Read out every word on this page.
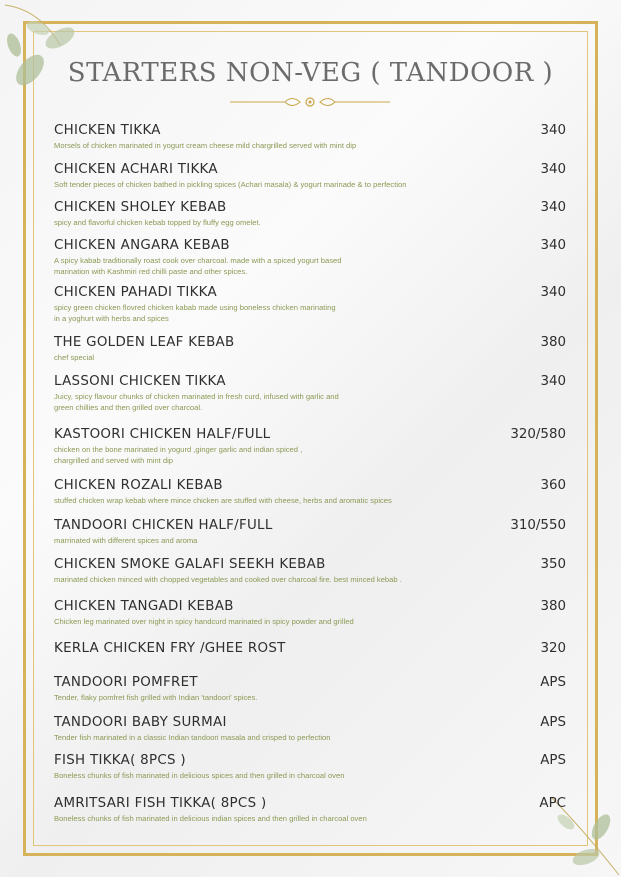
STARTERS NON-VEG ( TANDOOR )
CHICKEN TIKKA	340
Morsels of chicken marinated in yogurt cream cheese mild chargrilled served with mint dip
CHICKEN ACHARI TIKKA	340
Soft tender pieces of chicken bathed in pickling spices (Achari masala) & yogurt marinade & to perfection
CHICKEN SHOLEY KEBAB	340
spicy and flavorful chicken kebab topped by fluffy egg omelet.
CHICKEN ANGARA KEBAB	340
A spicy kabab traditionally roast cook over charcoal. made with a spiced yogurt based
marination with Kashmiri red chilli paste and other spices.
CHICKEN PAHADI TIKKA	340
spicy green chicken flovred chicken kabab made using boneless chicken marinating
in a yoghurt with herbs and spices
THE GOLDEN LEAF KEBAB	380
chef special
LASSONI CHICKEN TIKKA	340
Juicy, spicy flavour chunks of chicken marinated in fresh curd, infused with garlic and
green chillies and then grilled over charcoal.
KASTOORI CHICKEN HALF/FULL	320/580
chicken on the bone marinated in yogurd ,ginger garlic and indian spiced ,
chargrilled and served with mint dip
CHICKEN ROZALI KEBAB	360
stuffed chicken wrap kebab where mince chicken are stuffed with cheese, herbs and aromatic spices
TANDOORI CHICKEN HALF/FULL	310/550
marrinated with different spices and aroma
CHICKEN SMOKE GALAFI SEEKH KEBAB	350
marinated chicken minced with chopped vegetables and cooked over charcoal fire. best minced kebab .
CHICKEN TANGADI KEBAB	380
Chicken leg marinated over night in spicy handcurd marinated in spicy powder and grilled
KERLA CHICKEN FRY /GHEE ROST	320
TANDOORI POMFRET	APS
Tender, flaky pomfret fish grilled with Indian 'tandoori' spices.
TANDOORI BABY SURMAI	APS
Tender fish marinated in a classic Indian tandoori masala and crisped to perfection
FISH TIKKA( 8PCS )	APS
Boneless chunks of fish marinated in delicious spices and then grilled in charcoal oven
AMRITSARI FISH TIKKA( 8PCS )	APC
Boneless chunks of fish marinated in delicious indian spices and then grilled in charcoal oven
